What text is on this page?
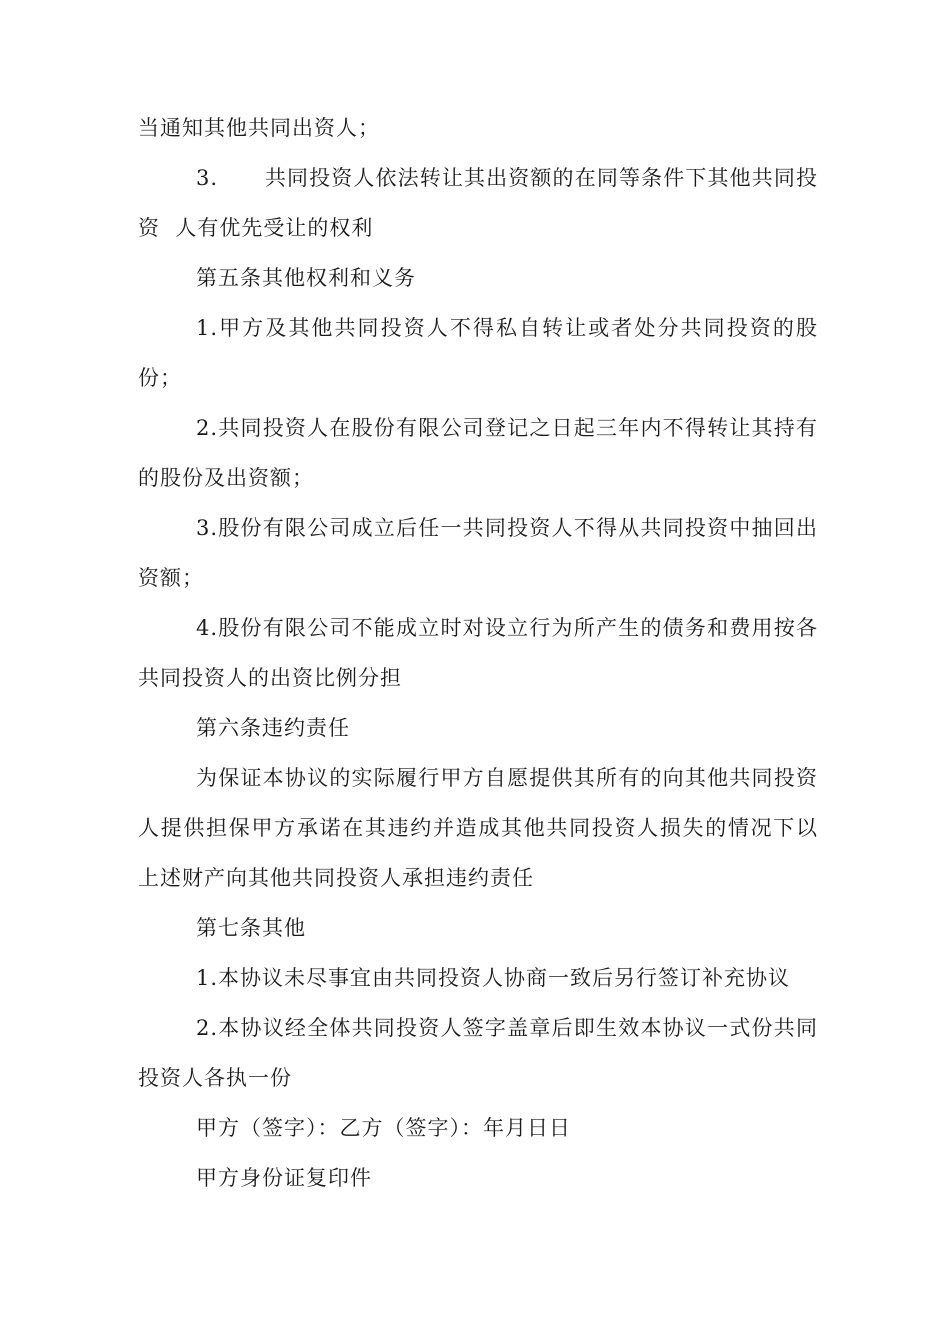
当通知其他共同出资人；

3.      共同投资人依法转让其出资额的在同等条件下其他共同投资  人有优先受让的权利

第五条其他权利和义务

1.甲方及其他共同投资人不得私自转让或者处分共同投资的股份；

2.共同投资人在股份有限公司登记之日起三年内不得转让其持有的股份及出资额；

3.股份有限公司成立后任一共同投资人不得从共同投资中抽回出资额；

4.股份有限公司不能成立时对设立行为所产生的债务和费用按各共同投资人的出资比例分担

第六条违约责任

为保证本协议的实际履行甲方自愿提供其所有的向其他共同投资人提供担保甲方承诺在其违约并造成其他共同投资人损失的情况下以上述财产向其他共同投资人承担违约责任

第七条其他

1.本协议未尽事宜由共同投资人协商一致后另行签订补充协议

2.本协议经全体共同投资人签字盖章后即生效本协议一式份共同投资人各执一份

甲方（签字）：乙方（签字）：年月日日

甲方身份证复印件
